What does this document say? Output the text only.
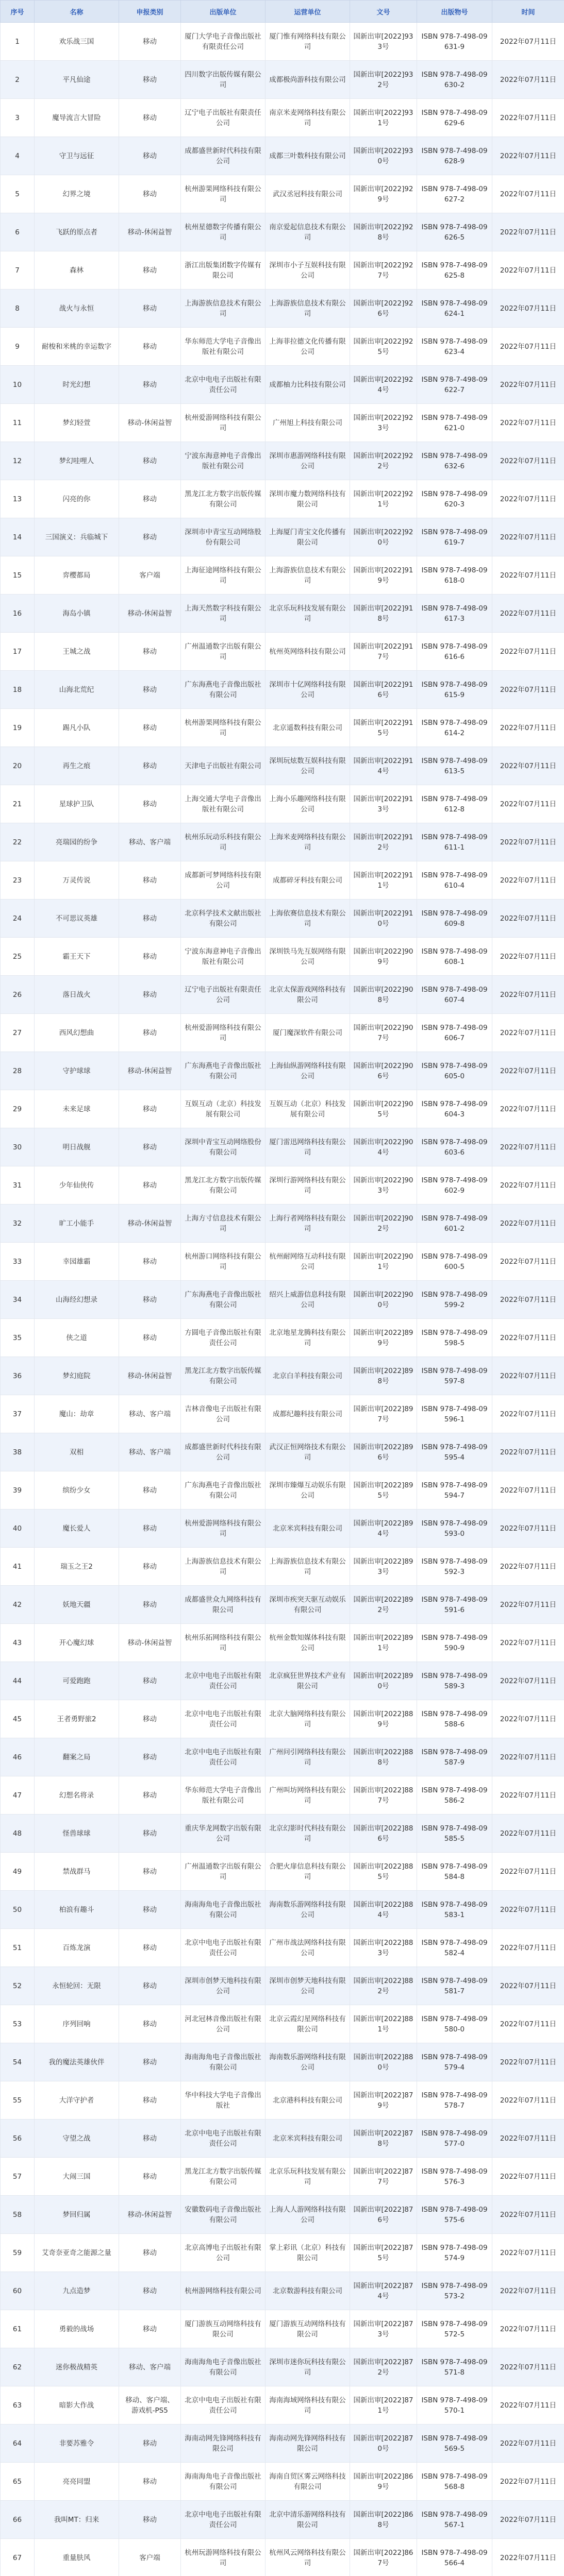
序号	名称	申报类别	出版单位	运营单位	文号	出版物号	时间
1	欢乐战三国	移动	厦门大学电子音像出版社有限责任公司	厦门惟有网络科技有限公司	国新出审[2022]933号	ISBN 978-7-498-09631-9	2022年07月11日
2	平凡仙途	移动	四川数字出版传媒有限公司	成都极尚游科技有限公司	国新出审[2022]932号	ISBN 978-7-498-09630-2	2022年07月11日
3	魔导流言大冒险	移动	辽宁电子出版社有限责任公司	南京米麦网络科技有限公司	国新出审[2022]931号	ISBN 978-7-498-09629-6	2022年07月11日
4	守卫与远征	移动	成都盛世新时代科技有限公司	成都三叶数科技有限公司	国新出审[2022]930号	ISBN 978-7-498-09628-9	2022年07月11日
5	幻界之境	移动	杭州游果网络科技有限公司	武汉丞冠科技有限公司	国新出审[2022]929号	ISBN 978-7-498-09627-2	2022年07月11日
6	飞跃的原点者	移动-休闲益智	杭州星德数字传播有限公司	南京爱起信息技术有限公司	国新出审[2022]928号	ISBN 978-7-498-09626-5	2022年07月11日
7	森林	移动	浙江出版集团数字传媒有限公司	深圳市小子互娱科技有限公司	国新出审[2022]927号	ISBN 978-7-498-09625-8	2022年07月11日
8	战火与永恒	移动	上海游族信息技术有限公司	上海游族信息技术有限公司	国新出审[2022]926号	ISBN 978-7-498-09624-1	2022年07月11日
9	耐梭和米桃的幸运数字	移动	华东师范大学电子音像出版社有限公司	上海菲拉德文化传播有限公司	国新出审[2022]925号	ISBN 978-7-498-09623-4	2022年07月11日
10	时光幻想	移动	北京中电电子出版社有限责任公司	成都柚力比科技有限公司	国新出审[2022]924号	ISBN 978-7-498-09622-7	2022年07月11日
11	梦幻轻萱	移动-休闲益智	杭州爱游网络科技有限公司	广州旭上科技有限公司	国新出审[2022]923号	ISBN 978-7-498-09621-0	2022年07月11日
12	梦幻哇哩人	移动	宁波东海意神电子音像出版社有限公司	深圳市惠游网络科技有限公司	国新出审[2022]922号	ISBN 978-7-498-09632-6	2022年07月11日
13	闪亮的你	移动	黑龙江北方数字出版传媒有限公司	深圳市魔力数网络科技有限公司	国新出审[2022]921号	ISBN 978-7-498-09620-3	2022年07月11日
14	三国演义：兵临城下	移动	深圳市中青宝互动网络股份有限公司	上海厦门青宝文化传播有限公司	国新出审[2022]920号	ISBN 978-7-498-09619-7	2022年07月11日
15	弈樱都局	客户端	上海征途网络科技有限公司	上海游族信息技术有限公司	国新出审[2022]919号	ISBN 978-7-498-09618-0	2022年07月11日
16	海岛小镇	移动-休闲益智	上海天然数字科技有限公司	北京乐玩科技发展有限公司	国新出审[2022]918号	ISBN 978-7-498-09617-3	2022年07月11日
17	王城之战	移动	广州温通数字出版有限公司	杭州英网络科技有限公司	国新出审[2022]917号	ISBN 978-7-498-09616-6	2022年07月11日
18	山海北荒纪	移动	广东海燕电子音像出版社有限公司	深圳市十亿网络科技有限公司	国新出审[2022]916号	ISBN 978-7-498-09615-9	2022年07月11日
19	踢凡小队	移动	杭州游果网络科技有限公司	北京遥数科技有限公司	国新出审[2022]915号	ISBN 978-7-498-09614-2	2022年07月11日
20	再生之痕	移动	天津电子出版社有限公司	深圳玩炫数互娱科技有限公司	国新出审[2022]914号	ISBN 978-7-498-09613-5	2022年07月11日
21	星球护卫队	移动	上海交通大学电子音像出版社有限公司	上海小乐趣网络科技有限公司	国新出审[2022]913号	ISBN 978-7-498-09612-8	2022年07月11日
22	亮瑞园的纷争	移动、客户端	杭州乐玩动乐科技有限公司	上海米麦网络科技有限公司	国新出审[2022]912号	ISBN 978-7-498-09611-1	2022年07月11日
23	万灵传说	移动	成都新可梦网络科技有限公司	成都碎牙科技有限公司	国新出审[2022]911号	ISBN 978-7-498-09610-4	2022年07月11日
24	不可思议英雄	移动	北京科学技术文献出版社有限公司	上海依赛信息技术有限公司	国新出审[2022]910号	ISBN 978-7-498-09609-8	2022年07月11日
25	霸王天下	移动	宁波东海意神电子音像出版社有限公司	深圳铁马先互娱网络有限公司	国新出审[2022]909号	ISBN 978-7-498-09608-1	2022年07月11日
26	落日战火	移动	辽宁电子出版社有限责任公司	北京太保游戏网络科技有限公司	国新出审[2022]908号	ISBN 978-7-498-09607-4	2022年07月11日
27	西风幻想曲	移动	杭州爱游网络科技有限公司	厦门魔深软件有限公司	国新出审[2022]907号	ISBN 978-7-498-09606-7	2022年07月11日
28	守护球球	移动-休闲益智	广东海燕电子音像出版社有限公司	上海仙纵游网络科技有限公司	国新出审[2022]906号	ISBN 978-7-498-09605-0	2022年07月11日
29	未来足球	移动	互娱互动（北京）科技发展有限公司	互娱互动（北京）科技发展有限公司	国新出审[2022]905号	ISBN 978-7-498-09604-3	2022年07月11日
30	明日战舰	移动	深圳中青宝互动网络股份有限公司	厦门雷迅网络科技有限公司	国新出审[2022]904号	ISBN 978-7-498-09603-6	2022年07月11日
31	少年仙侠传	移动	黑龙江北方数字出版传媒有限公司	深圳行游网络科技有限公司	国新出审[2022]903号	ISBN 978-7-498-09602-9	2022年07月11日
32	旷工小能手	移动-休闲益智	上海方寸信息技术有限公司	上海行者网络科技有限公司	国新出审[2022]902号	ISBN 978-7-498-09601-2	2022年07月11日
33	幸园雄霸	移动	杭州游口网络科技有限公司	杭州耐网络互动科技有限公司	国新出审[2022]901号	ISBN 978-7-498-09600-5	2022年07月11日
34	山海经幻想录	移动	广东海燕电子音像出版社有限公司	绍兴上威游信息科技有限公司	国新出审[2022]900号	ISBN 978-7-498-09599-2	2022年07月11日
35	侠之道	移动	方圆电子音像出版社有限责任公司	北京地星龙腾科技有限公司	国新出审[2022]899号	ISBN 978-7-498-09598-5	2022年07月11日
36	梦幻庭院	移动-休闲益智	黑龙江北方数字出版传媒有限公司	北京白羊科技有限公司	国新出审[2022]898号	ISBN 978-7-498-09597-8	2022年07月11日
37	魔山：劫章	移动、客户端	吉林音像电子出版社有限公司	成都纪趣科技有限公司	国新出审[2022]897号	ISBN 978-7-498-09596-1	2022年07月11日
38	双相	移动、客户端	成都盛世新时代科技有限公司	武汉正恒网络技术有限公司	国新出审[2022]896号	ISBN 978-7-498-09595-4	2022年07月11日
39	缤纷少女	移动	广东海燕电子音像出版社有限公司	深圳市臻爆互动娱乐有限公司	国新出审[2022]895号	ISBN 978-7-498-09594-7	2022年07月11日
40	魔长爱人	移动	杭州爱游网络科技有限公司	北京米宾科技有限公司	国新出审[2022]894号	ISBN 978-7-498-09593-0	2022年07月11日
41	瑞玉之王2	移动	上海游族信息技术有限公司	上海游族信息技术有限公司	国新出审[2022]893号	ISBN 978-7-498-09592-3	2022年07月11日
42	妖地天疆	移动	成都盛世众九网络科技有限公司	深圳市疾突天驱互动娱乐有限公司	国新出审[2022]892号	ISBN 978-7-498-09591-6	2022年07月11日
43	开心魔幻球	移动-休闲益智	杭州乐拓网络科技有限公司	杭州金数知媒体科技有限公司	国新出审[2022]891号	ISBN 978-7-498-09590-9	2022年07月11日
44	可爱跑跑	移动	北京中电电子出版社有限责任公司	北京疯狂世界技术产业有限公司	国新出审[2022]890号	ISBN 978-7-498-09589-3	2022年07月11日
45	王者勇野旅2	移动	北京中电电子出版社有限责任公司	北京大脑网络科技有限公司	国新出审[2022]889号	ISBN 978-7-498-09588-6	2022年07月11日
46	翻案之局	移动	北京中电电子出版社有限责任公司	广州问引网络科技有限公司	国新出审[2022]888号	ISBN 978-7-498-09587-9	2022年07月11日
47	幻想名将录	移动	华东师范大学电子音像出版社有限公司	广州叫坊网络科技有限公司	国新出审[2022]887号	ISBN 978-7-498-09586-2	2022年07月11日
48	怪兽球球	移动	重庆华龙网数字出版有限公司	北京幻影时代科技有限公司	国新出审[2022]886号	ISBN 978-7-498-09585-5	2022年07月11日
49	禁战群马	移动	广州温通数字出版有限公司	合肥火扉信息科技有限公司	国新出审[2022]885号	ISBN 978-7-498-09584-8	2022年07月11日
50	柏浪有趣斗	移动	海南海角电子音像出版社有限公司	海南数乐游网络科技有限公司	国新出审[2022]884号	ISBN 978-7-498-09583-1	2022年07月11日
51	百炼龙演	移动	北京中电电子出版社有限责任公司	广州市战法网络科技有限公司	国新出审[2022]883号	ISBN 978-7-498-09582-4	2022年07月11日
52	永恒轮回：无限	移动	深圳市创梦天地科技有限公司	深圳市创梦天地科技有限公司	国新出审[2022]882号	ISBN 978-7-498-09581-7	2022年07月11日
53	序列回响	移动	河北冠林音像出版社有限公司	北京云霞幻星网络科技有限公司	国新出审[2022]881号	ISBN 978-7-498-09580-0	2022年07月11日
54	我的魔法英雄伙伴	移动	海南海角电子音像出版社有限公司	海南数乐游网络科技有限公司	国新出审[2022]880号	ISBN 978-7-498-09579-4	2022年07月11日
55	大洋守护者	移动	华中科技大学电子音像出版社	北京港科科技有限公司	国新出审[2022]879号	ISBN 978-7-498-09578-7	2022年07月11日
56	守望之战	移动	北京中电电子出版社有限责任公司	北京米宾科技有限公司	国新出审[2022]878号	ISBN 978-7-498-09577-0	2022年07月11日
57	大闹三国	移动	黑龙江北方数字出版传媒有限公司	北京乐玩科技发展有限公司	国新出审[2022]877号	ISBN 978-7-498-09576-3	2022年07月11日
58	梦回归属	移动-休闲益智	安徽数码电子音像出版社有限公司	上海人人游网络科技有限公司	国新出审[2022]876号	ISBN 978-7-498-09575-6	2022年07月11日
59	艾奇奈亚奇之能源之量	移动	北京高博电子出版社有限公司	掌上彩讯（北京）科技有限公司	国新出审[2022]875号	ISBN 978-7-498-09574-9	2022年07月11日
60	九点造梦	移动	杭州游网络科技有限公司	北京数游科技有限公司	国新出审[2022]874号	ISBN 978-7-498-09573-2	2022年07月11日
61	勇毅的战场	移动	厦门游族互动网络科技有限公司	厦门游族互动网络科技有限公司	国新出审[2022]873号	ISBN 978-7-498-09572-5	2022年07月11日
62	迷你极战精英	移动、客户端	海南海角电子音像出版社有限公司	深圳市迷你玩科技有限公司	国新出审[2022]872号	ISBN 978-7-498-09571-8	2022年07月11日
63	暗影大作战	移动、客户端、游戏机-PS5	北京中电电子出版社有限责任公司	海南海域网络科技有限公司	国新出审[2022]871号	ISBN 978-7-498-09570-1	2022年07月11日
64	非要苏雅令	移动	海南动网先锋网络科技有限公司	海南动网先锋网络科技有限公司	国新出审[2022]870号	ISBN 978-7-498-09569-5	2022年07月11日
65	亮亮同盟	移动	海南海角电子音像出版社有限公司	海南自贸区雾云网络科技有限公司	国新出审[2022]869号	ISBN 978-7-498-09568-8	2022年07月11日
66	我叫MT：归来	移动	北京中电电子出版社有限责任公司	北京中清乐游网络科技有限公司	国新出审[2022]868号	ISBN 978-7-498-09567-1	2022年07月11日
67	重量肤风	客户端	杭州玩游网络科技有限公司	杭州风云网络科技有限公司	国新出审[2022]867号	ISBN 978-7-498-09566-4	2022年07月11日
